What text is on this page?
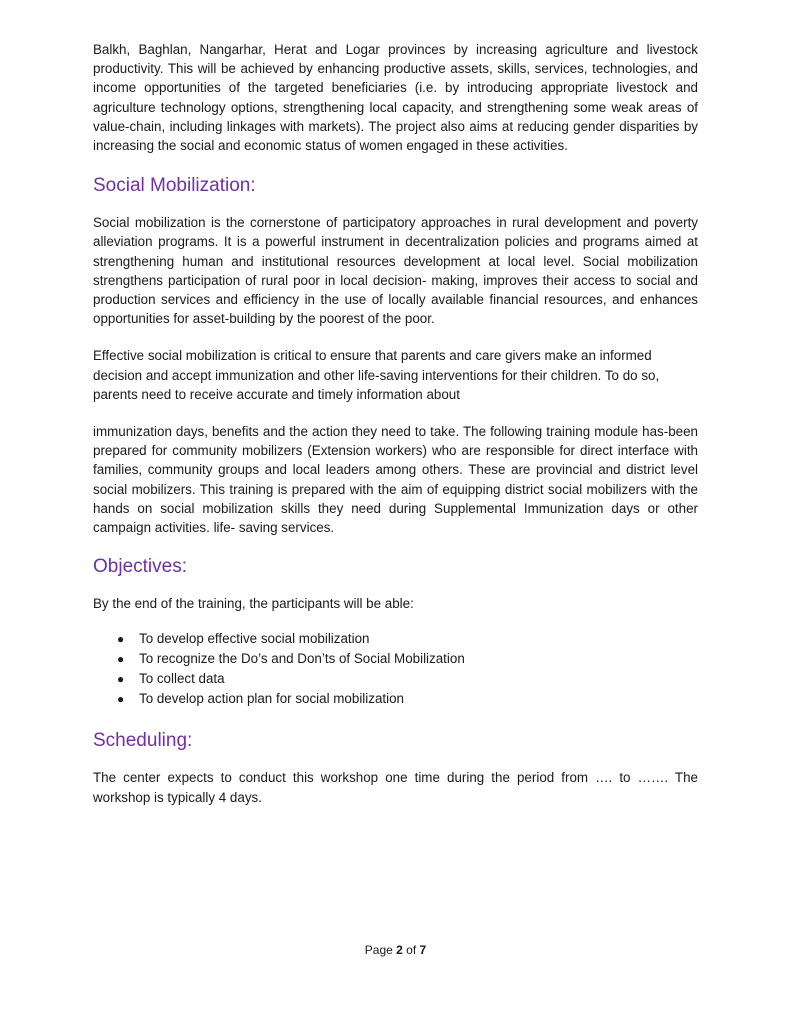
Balkh, Baghlan, Nangarhar, Herat and Logar provinces by increasing agriculture and livestock productivity. This will be achieved by enhancing productive assets, skills, services, technologies, and income opportunities of the targeted beneficiaries (i.e. by introducing appropriate livestock and agriculture technology options, strengthening local capacity, and strengthening some weak areas of value-chain, including linkages with markets). The project also aims at reducing gender disparities by increasing the social and economic status of women engaged in these activities.

Social Mobilization:

Social mobilization is the cornerstone of participatory approaches in rural development and poverty alleviation programs. It is a powerful instrument in decentralization policies and programs aimed at strengthening human and institutional resources development at local level. Social mobilization strengthens participation of rural poor in local decision- making, improves their access to social and production services and efficiency in the use of locally available financial resources, and enhances opportunities for asset-building by the poorest of the poor.

Effective social mobilization is critical to ensure that parents and care givers make an informed decision and accept immunization and other life-saving interventions for their children. To do so, parents need to receive accurate and timely information about

immunization days, benefits and the action they need to take. The following training module has-been prepared for community mobilizers (Extension workers) who are responsible for direct interface with families, community groups and local leaders among others. These are provincial and district level social mobilizers. This training is prepared with the aim of equipping district social mobilizers with the hands on social mobilization skills they need during Supplemental Immunization days or other campaign activities. life- saving services.

Objectives:

By the end of the training, the participants will be able:

● To develop effective social mobilization
● To recognize the Do’s and Don’ts of Social Mobilization
● To collect data
● To develop action plan for social mobilization
Scheduling:

The center expects to conduct this workshop one time during the period from …. to ……. The workshop is typically 4 days.

Page 2 of 7
